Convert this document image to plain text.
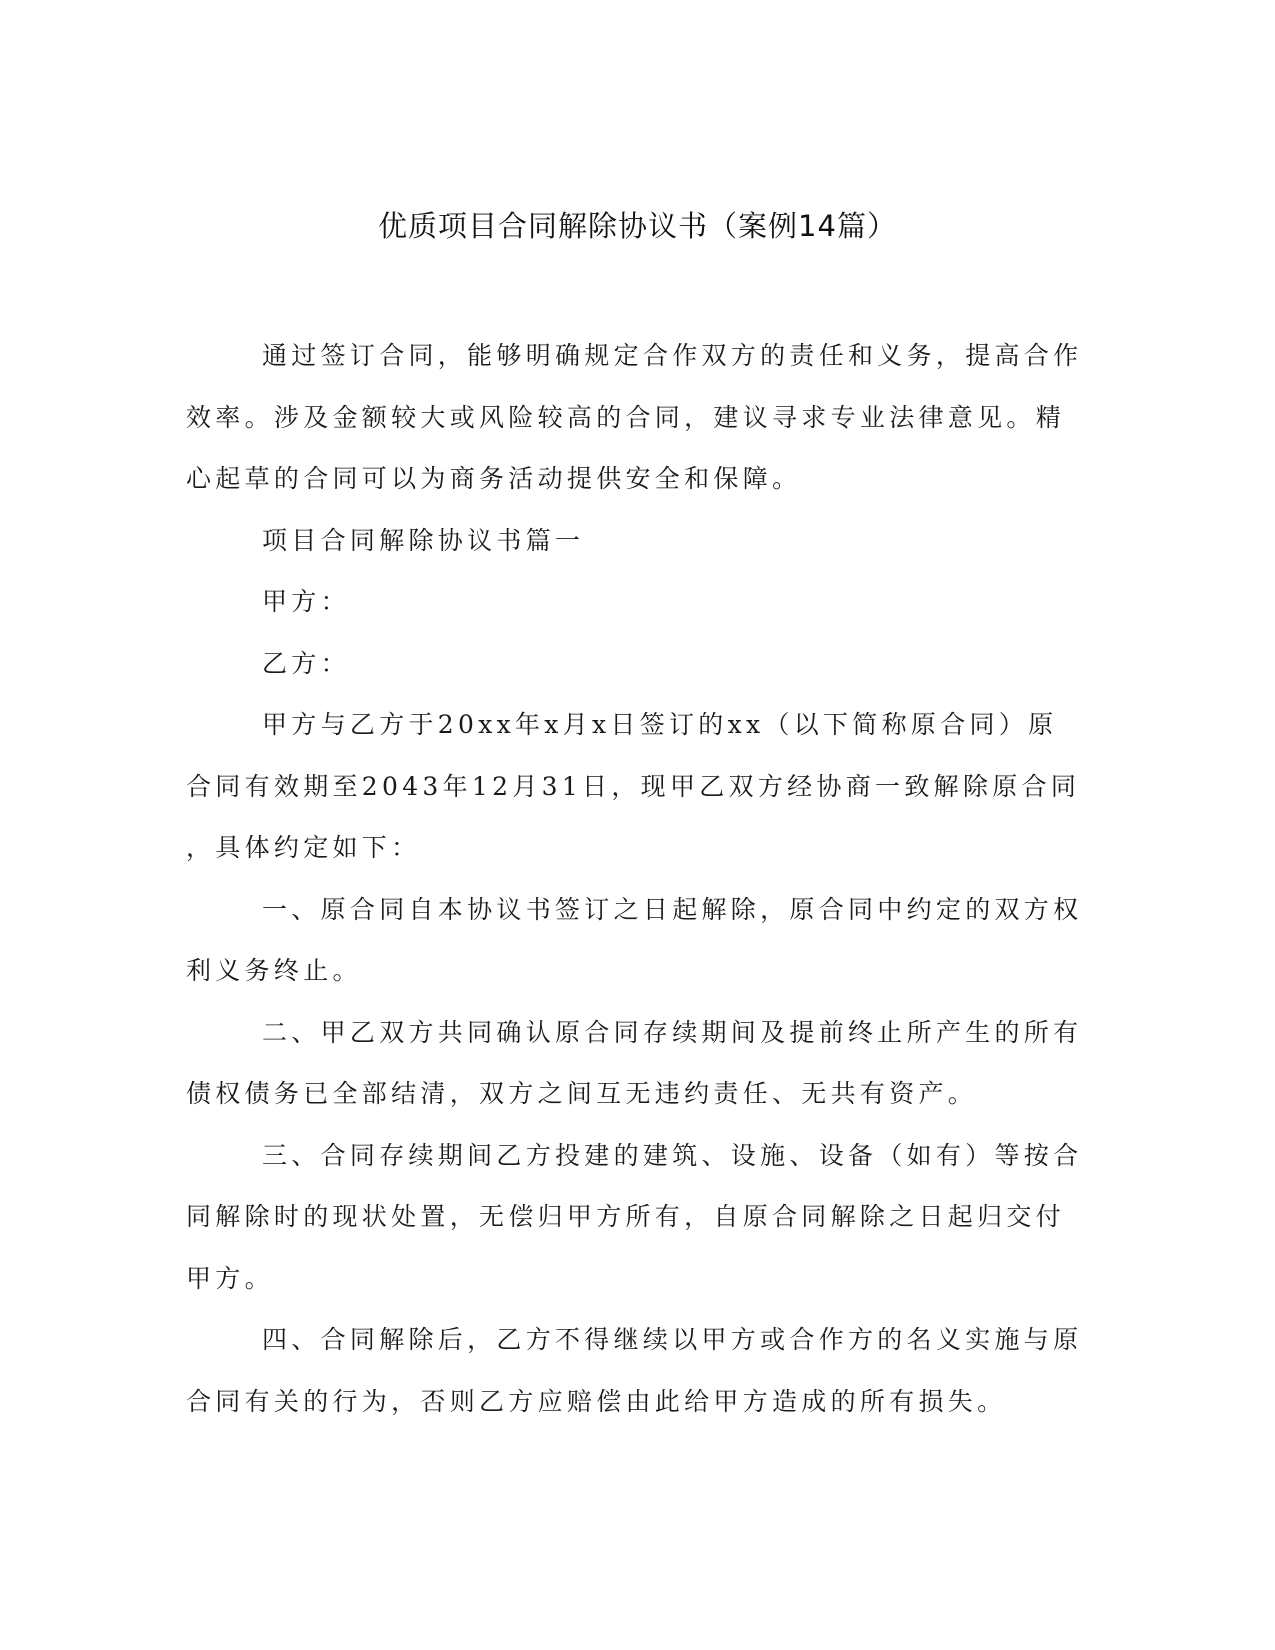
优质项目合同解除协议书（案例14篇）

通过签订合同，能够明确规定合作双方的责任和义务，提高合作
效率。涉及金额较大或风险较高的合同，建议寻求专业法律意见。精
心起草的合同可以为商务活动提供安全和保障。

项目合同解除协议书篇一

甲方：

乙方：

甲方与乙方于20xx年x月x日签订的xx（以下简称原合同）原
合同有效期至2043年12月31日，现甲乙双方经协商一致解除原合同
，具体约定如下：

一、原合同自本协议书签订之日起解除，原合同中约定的双方权
利义务终止。

二、甲乙双方共同确认原合同存续期间及提前终止所产生的所有
债权债务已全部结清，双方之间互无违约责任、无共有资产。

三、合同存续期间乙方投建的建筑、设施、设备（如有）等按合
同解除时的现状处置，无偿归甲方所有，自原合同解除之日起归交付
甲方。

四、合同解除后，乙方不得继续以甲方或合作方的名义实施与原
合同有关的行为，否则乙方应赔偿由此给甲方造成的所有损失。
